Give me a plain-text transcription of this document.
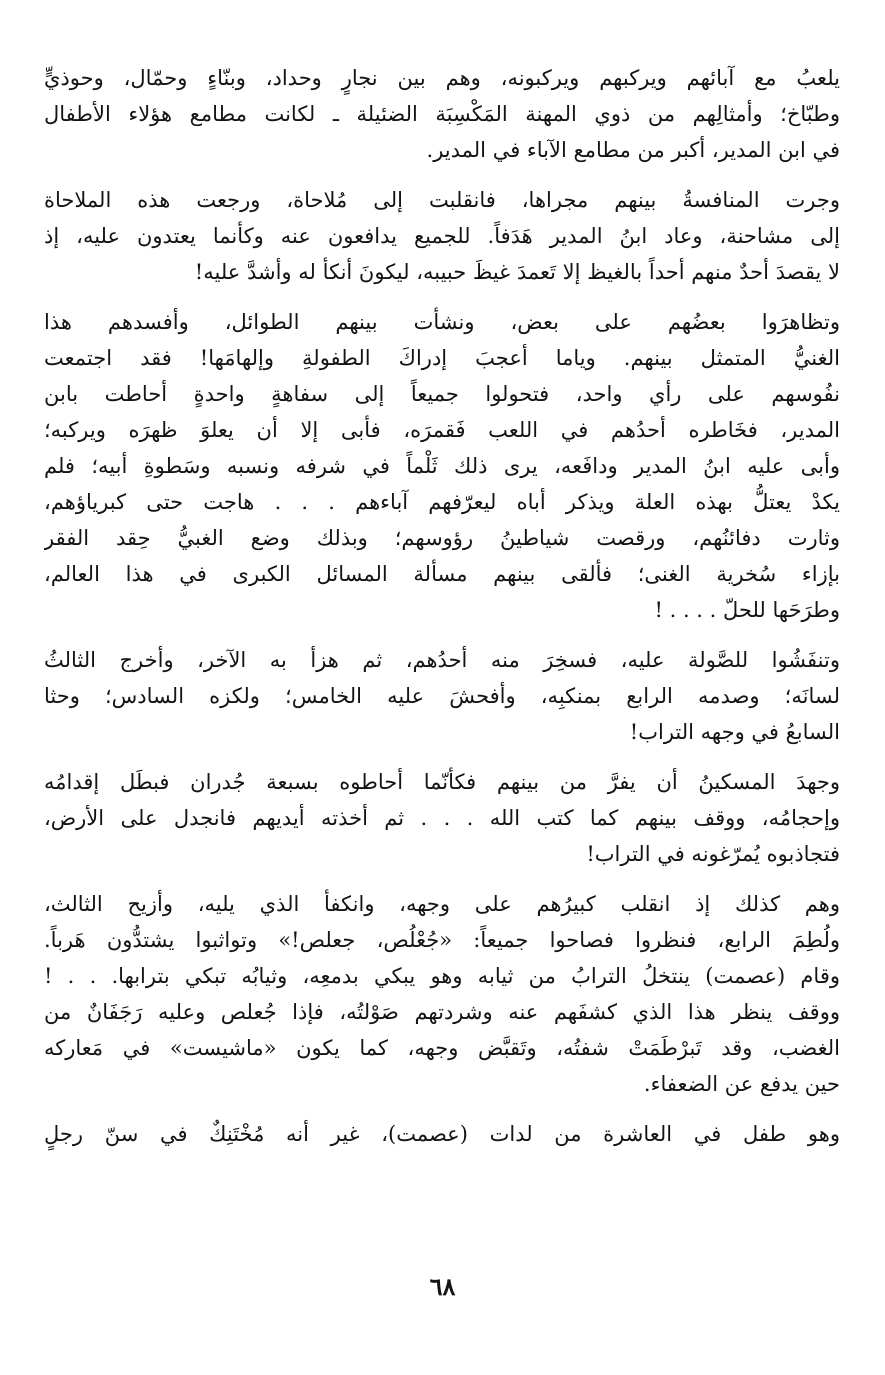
يلعبُ مع آبائهم ويركبهم ويركبونه، وهم بين نجارٍ وحداد، وبنّاءٍ وحمّال، وحوذيٍّ
وطبّاخ؛ وأمثالِهم من ذوي المهنة المَكْسِبَة الضئيلة ـ لكانت مطامع هؤلاء الأطفال
في ابن المدير، أكبر من مطامع الآباء في المدير.
وجرت المنافسةُ بينهم مجراها، فانقلبت إلى مُلاحاة، ورجعت هذه الملاحاة
إلى مشاحنة، وعاد ابنُ المدير هَدَفاً. للجميع يدافعون عنه وكأنما يعتدون عليه، إذ
لا يقصدَ أحدٌ منهم أحداً بالغيظ إلا تَعمدَ غيظَ حبيبه، ليكونَ أنكأ له وأشدَّ عليه!
وتظاهرَوا بعضُهم على بعض، ونشأت بينهم الطوائل، وأفسدهم هذا
الغنيُّ المتمثل بينهم. وياما أعجبَ إدراكَ الطفولةِ وإلهامَها! فقد اجتمعت
نفُوسهم على رأي واحد، فتحولوا جميعاً إلى سفاهةٍ واحدةٍ أحاطت بابن
المدير، فخَاطره أحدُهم في اللعب فَقمرَه، فأبى إلا أن يعلوَ ظهرَه ويركبه؛
وأبى عليه ابنُ المدير ودافَعه، يرى ذلك ثَلْماً في شرفه ونسبه وسَطوةِ أبيه؛ فلم
يكدْ يعتلُّ بهذه العلة ويذكر أباه ليعرّفهم آباءهم . . . هاجت حتى كبرياؤهم،
وثارت دفائنُهم، ورقصت شياطينُ رؤوسهم؛ وبذلك وضع الغبيُّ حِقد الفقر
بإزاء سُخرية الغنى؛ فألقى بينهم مسألة المسائل الكبرى في هذا العالم،
وطرَحَها للحلّ . . . . !
وتنفَشُوا للصَّولة عليه، فسخِرَ منه أحدُهم، ثم هزأ به الآخر، وأخرج الثالثُ
لسانَه؛ وصدمه الرابع بمنكبِه، وأفحشَ عليه الخامس؛ ولكزه السادس؛ وحثا
السابعُ في وجهه التراب!
وجهدَ المسكينُ أن يفرَّ من بينهم فكأنّما أحاطوه بسبعة جُدران فبطَل إقدامُه
وإحجامُه، ووقف بينهم كما كتب الله . . . ثم أخذته أيديهم فانجدل على الأرض،
فتجاذبوه يُمرّغونه في التراب!
وهم كذلك إذ انقلب كبيرُهم على وجهه، وانكفأ الذي يليه، وأزيح الثالث،
ولُطِمَ الرابع، فنظروا فصاحوا جميعاً: «جُعْلُص، جعلص!» وتواثبوا يشتدُّون هَرباً.
وقام (عصمت) ينتخلُ الترابُ من ثيابه وهو يبكي بدمعِه، وثيابُه تبكي بترابها. . . !
ووقف ينظر هذا الذي كشفَهم عنه وشردتهم صَوْلتُه، فإذا جُعلص وعليه رَجَفَانٌ من
الغضب، وقد تَبرْطَمَتْ شفتُه، وتَقبَّض وجهه، كما يكون «ماشيست» في مَعاركه
حين يدفع عن الضعفاء.
وهو طفل في العاشرة من لدات (عصمت)، غير أنه مُخْتَنِكٌ في سنّ رجلٍ
٦٨
